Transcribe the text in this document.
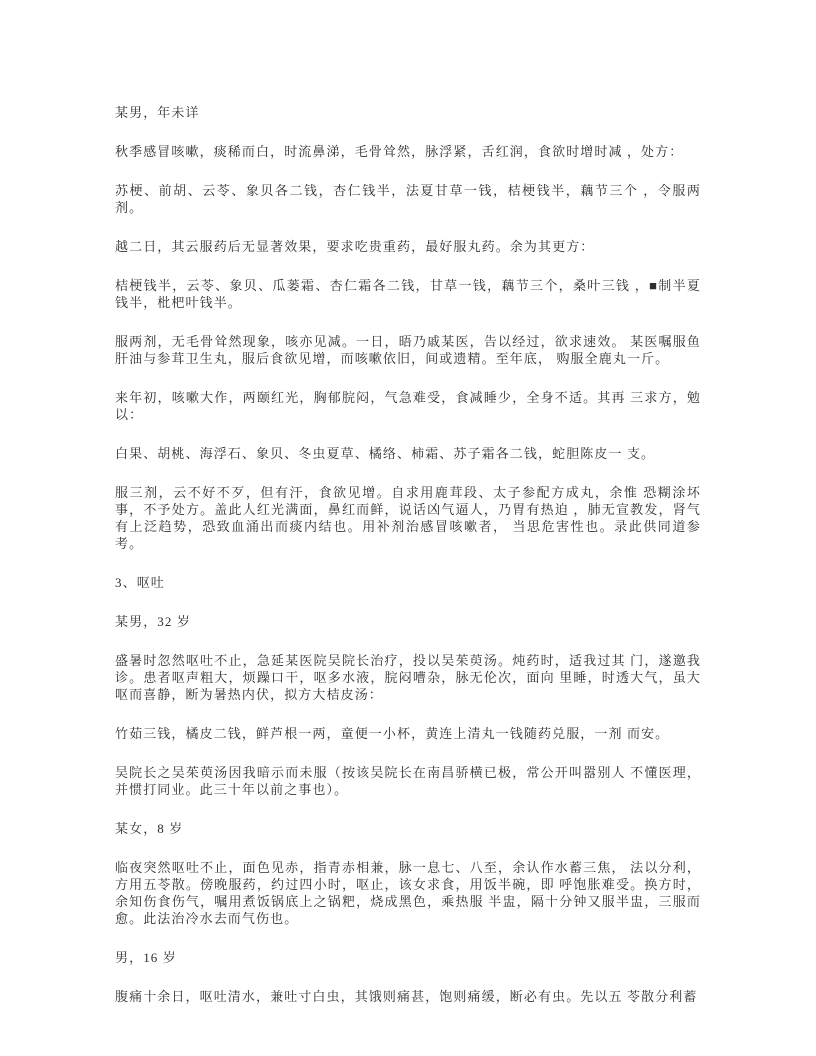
某男，年未详

秋季感冒咳嗽，痰稀而白，时流鼻涕，毛骨耸然，脉浮紧，舌红润，食欲时增时减 ，处方：

苏梗、前胡、云苓、象贝各二钱，杏仁钱半，法夏甘草一钱，桔梗钱半，藕节三个 ，令服两剂。

越二日，其云服药后无显著效果，要求吃贵重药，最好服丸药。余为其更方：

桔梗钱半，云苓、象贝、瓜蒌霜、杏仁霜各二钱，甘草一钱，藕节三个，桑叶三钱 ，■制半夏钱半，枇杷叶钱半。

服两剂，无毛骨耸然现象，咳亦见减。一日，晤乃戚某医，告以经过，欲求速效。 某医嘱服鱼肝油与参茸卫生丸，服后食欲见增，而咳嗽依旧，间或遗精。至年底， 购服全鹿丸一斤。

来年初，咳嗽大作，两颐红光，胸郁脘闷，气急难受，食减睡少，全身不适。其再 三求方，勉以：

白果、胡桃、海浮石、象贝、冬虫夏草、橘络、柿霜、苏子霜各二钱，蛇胆陈皮一 支。

服三剂，云不好不歹，但有汗，食欲见增。自求用鹿茸段、太子参配方成丸，余惟 恐糊涂坏事，不予处方。盖此人红光满面，鼻红而鲜，说话凶气逼人，乃胃有热迫 ，肺无宣教发，肾气有上泛趋势，恐致血涌出而痰内结也。用补剂治感冒咳嗽者， 当思危害性也。录此供同道参考。

3、呕吐

某男，32 岁

盛暑时忽然呕吐不止，急延某医院吴院长治疗，投以吴茱萸汤。炖药时，适我过其 门，遂邀我诊。患者呕声粗大，烦躁口干，呕多水液，脘闷嘈杂，脉无伦次，面向 里睡，时透大气，虽大呕而喜静，断为暑热内伏，拟方大桔皮汤：

竹茹三钱，橘皮二钱，鲜芦根一两，童便一小杯，黄连上清丸一钱随药兑服，一剂 而安。

吴院长之吴茱萸汤因我暗示而未服（按该吴院长在南昌骄横已极，常公开叫嚣别人 不懂医理，并惯打同业。此三十年以前之事也）。

某女，8 岁

临夜突然呕吐不止，面色见赤，指青赤相兼，脉一息七、八至，余认作水蓄三焦， 法以分利，方用五苓散。傍晚服药，约过四小时，呕止，该女求食，用饭半碗，即 呼饱胀难受。换方时，余知伤食伤气，嘱用煮饭锅底上之锅粑，烧成黑色，乘热服 半盅，隔十分钟又服半盅，三服而愈。此法治冷水去而气伤也。

男，16 岁

腹痛十余日，呕吐清水，兼吐寸白虫，其饿则痛甚，饱则痛缓，断必有虫。先以五 苓散分利蓄
